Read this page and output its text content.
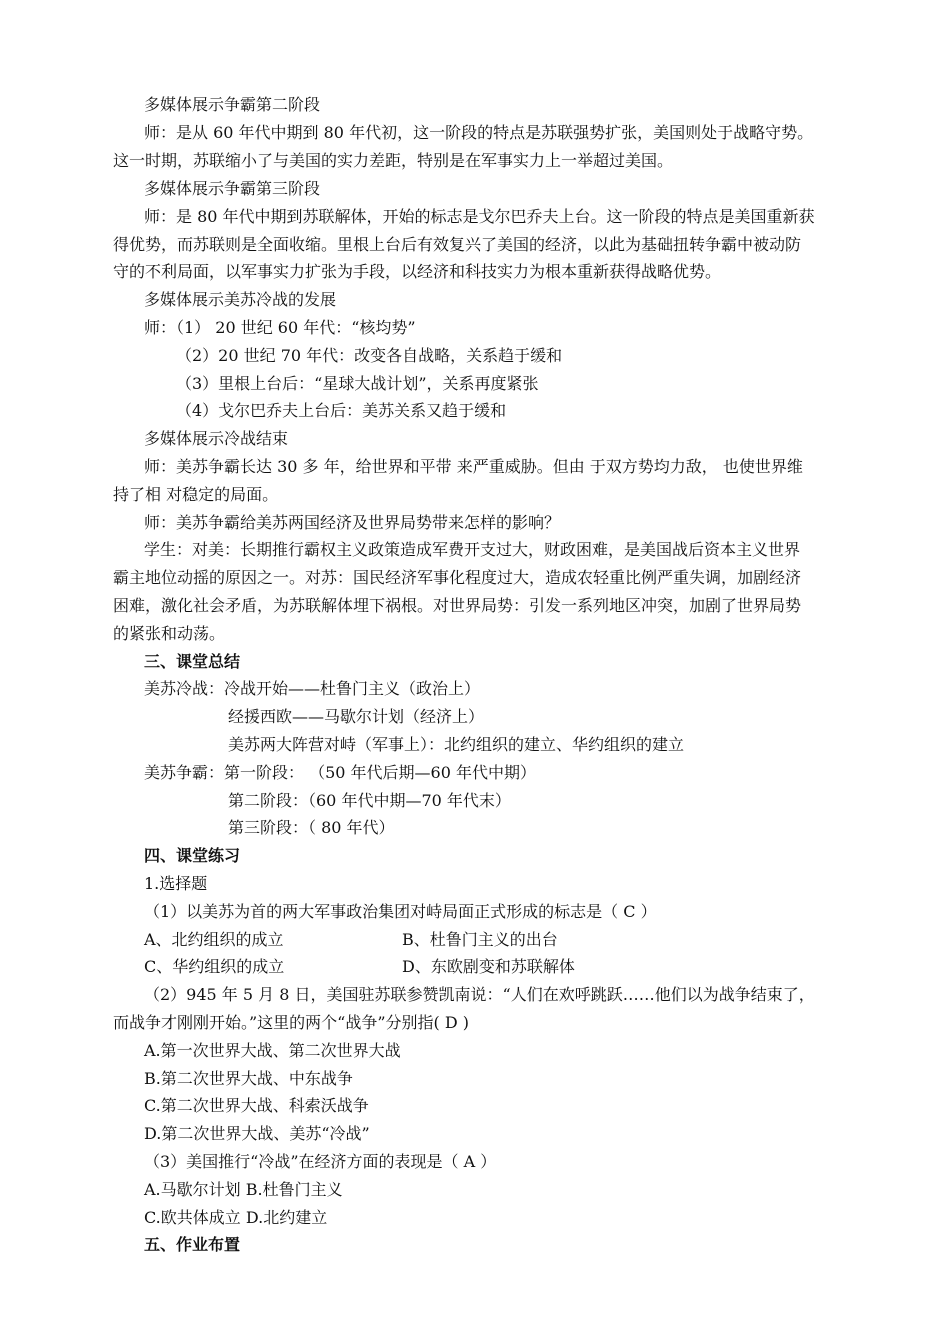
多媒体展示争霸第二阶段
师：是从 60 年代中期到 80 年代初，这一阶段的特点是苏联强势扩张，美国则处于战略守势。
这一时期，苏联缩小了与美国的实力差距，特别是在军事实力上一举超过美国。
多媒体展示争霸第三阶段
师：是 80 年代中期到苏联解体，开始的标志是戈尔巴乔夫上台。这一阶段的特点是美国重新获
得优势，而苏联则是全面收缩。里根上台后有效复兴了美国的经济，以此为基础扭转争霸中被动防
守的不利局面，以军事实力扩张为手段，以经济和科技实力为根本重新获得战略优势。
多媒体展示美苏冷战的发展
师：（1） 20 世纪 60 年代：“核均势”
（2）20 世纪 70 年代：改变各自战略，关系趋于缓和
（3）里根上台后：“星球大战计划”，关系再度紧张
（4）戈尔巴乔夫上台后：美苏关系又趋于缓和
多媒体展示冷战结束
师：美苏争霸长达 30 多 年，给世界和平带 来严重威胁。但由 于双方势均力敌， 也使世界维
持了相 对稳定的局面。
师：美苏争霸给美苏两国经济及世界局势带来怎样的影响？
学生：对美：长期推行霸权主义政策造成军费开支过大，财政困难，是美国战后资本主义世界
霸主地位动摇的原因之一。对苏：国民经济军事化程度过大，造成农轻重比例严重失调，加剧经济
困难，激化社会矛盾，为苏联解体埋下祸根。对世界局势：引发一系列地区冲突，加剧了世界局势
的紧张和动荡。
三、课堂总结
美苏冷战：冷战开始——杜鲁门主义（政治上）
经援西欧——马歇尔计划（经济上）
美苏两大阵营对峙（军事上）：北约组织的建立、华约组织的建立
美苏争霸：第一阶段： （50 年代后期—60 年代中期）
第二阶段：（60 年代中期—70 年代末）
第三阶段：（ 80 年代）
四、课堂练习
1.选择题
（1）以美苏为首的两大军事政治集团对峙局面正式形成的标志是（ C ）
A、北约组织的成立	B、杜鲁门主义的出台
C、华约组织的成立	D、东欧剧变和苏联解体
（2）945 年 5 月 8 日，美国驻苏联参赞凯南说：“人们在欢呼跳跃……他们以为战争结束了，
而战争才刚刚开始。”这里的两个“战争”分别指( D )
A.第一次世界大战、第二次世界大战
B.第二次世界大战、中东战争
C.第二次世界大战、科索沃战争
D.第二次世界大战、美苏“冷战”
（3）美国推行“冷战”在经济方面的表现是（ A ）
A.马歇尔计划 B.杜鲁门主义
C.欧共体成立 D.北约建立
五、作业布置
